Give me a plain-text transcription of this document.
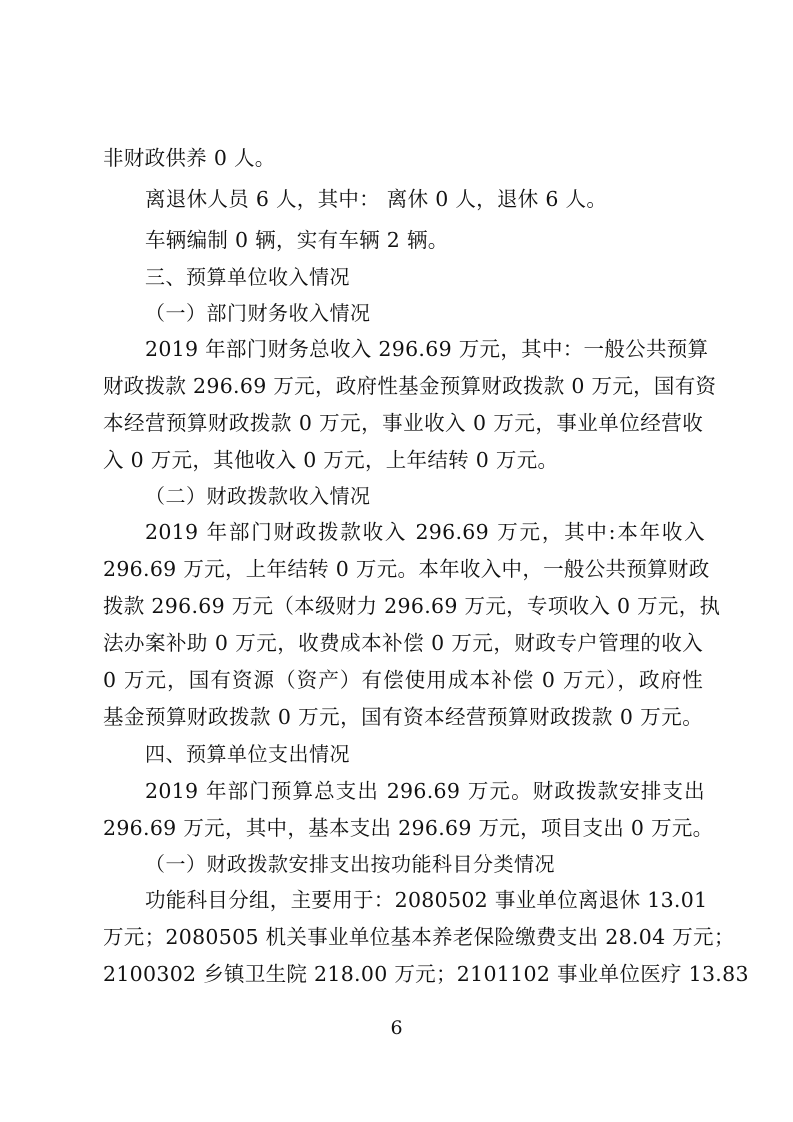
非财政供养 0 人。
离退休人员 6 人，其中： 离休 0 人，退休 6 人。
车辆编制 0 辆，实有车辆 2 辆。
三、预算单位收入情况
（一）部门财务收入情况
2019 年部门财务总收入 296.69 万元，其中：一般公共预算
财政拨款 296.69 万元，政府性基金预算财政拨款 0 万元，国有资
本经营预算财政拨款 0 万元，事业收入 0 万元，事业单位经营收
入 0 万元，其他收入 0 万元，上年结转 0 万元。
（二）财政拨款收入情况
2019 年部门财政拨款收入 296.69 万元，其中:本年收入
296.69 万元，上年结转 0 万元。本年收入中，一般公共预算财政
拨款 296.69 万元（本级财力 296.69 万元，专项收入 0 万元，执
法办案补助 0 万元，收费成本补偿 0 万元，财政专户管理的收入
0 万元，国有资源（资产）有偿使用成本补偿 0 万元），政府性
基金预算财政拨款 0 万元，国有资本经营预算财政拨款 0 万元。
四、预算单位支出情况
2019 年部门预算总支出 296.69 万元。财政拨款安排支出
296.69 万元，其中，基本支出 296.69 万元，项目支出 0 万元。
（一）财政拨款安排支出按功能科目分类情况
功能科目分组，主要用于：2080502 事业单位离退休 13.01
万元；2080505 机关事业单位基本养老保险缴费支出 28.04 万元；
2100302 乡镇卫生院 218.00 万元；2101102 事业单位医疗 13.83
6
